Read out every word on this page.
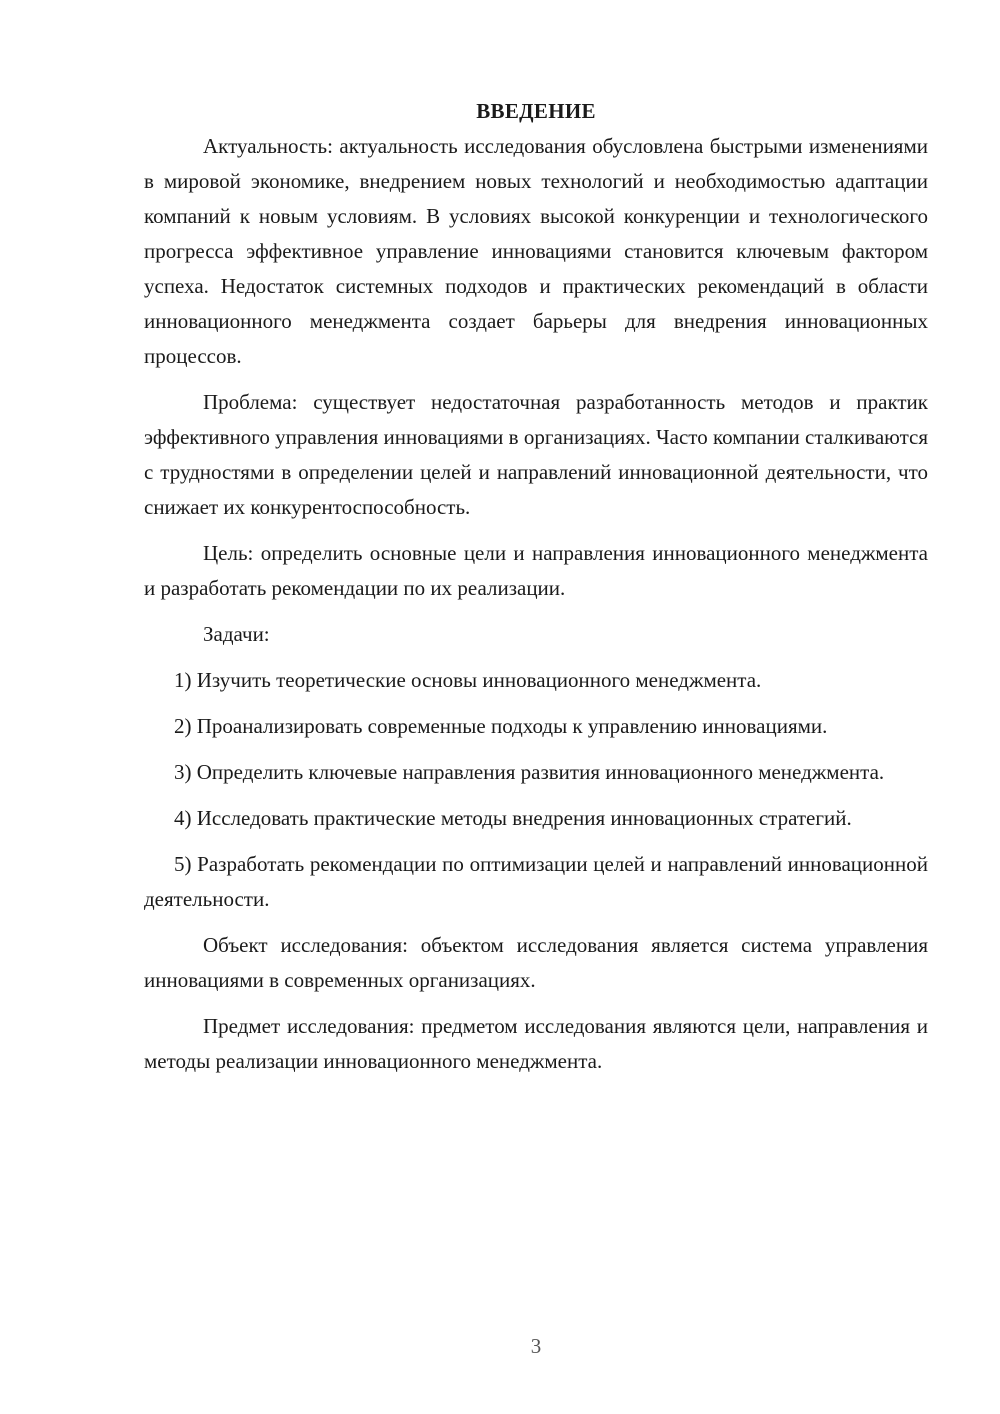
ВВЕДЕНИЕ

Актуальность: актуальность исследования обусловлена быстрыми изменениями в мировой экономике, внедрением новых технологий и необходимостью адаптации компаний к новым условиям. В условиях высокой конкуренции и технологического прогресса эффективное управление инновациями становится ключевым фактором успеха. Недостаток системных подходов и практических рекомендаций в области инновационного менеджмента создает барьеры для внедрения инновационных процессов.

Проблема: существует недостаточная разработанность методов и практик эффективного управления инновациями в организациях. Часто компании сталкиваются с трудностями в определении целей и направлений инновационной деятельности, что снижает их конкурентоспособность.

Цель: определить основные цели и направления инновационного менеджмента и разработать рекомендации по их реализации.

Задачи:

1) Изучить теоретические основы инновационного менеджмента.

2) Проанализировать современные подходы к управлению инновациями.

3) Определить ключевые направления развития инновационного менеджмента.

4) Исследовать практические методы внедрения инновационных стратегий.

5) Разработать рекомендации по оптимизации целей и направлений инновационной деятельности.

Объект исследования: объектом исследования является система управления инновациями в современных организациях.

Предмет исследования: предметом исследования являются цели, направления и методы реализации инновационного менеджмента.

3
